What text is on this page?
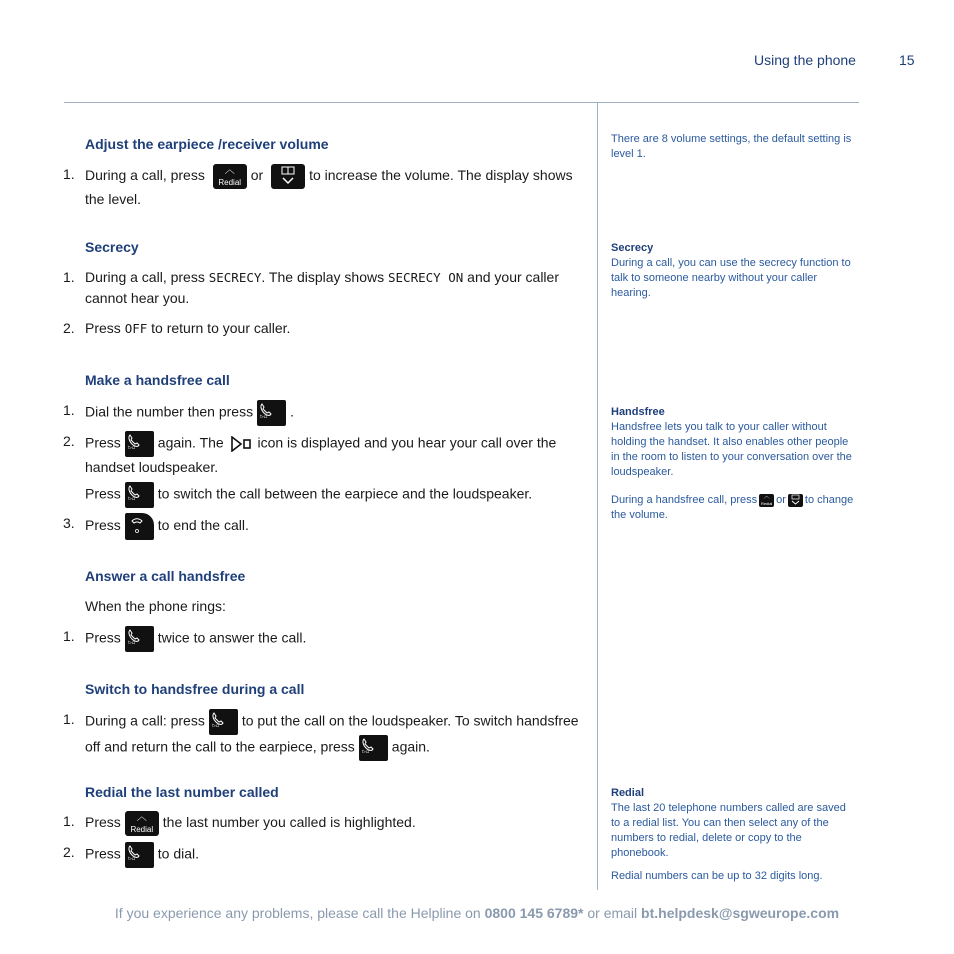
Using the phone	15
Adjust the earpiece /receiver volume
1. During a call, press	︿
Redial or	to increase the volume. The display shows the level.
Secrecy
1. During a call, press SECRECY. The display shows SECRECY ON and your caller cannot hear you.
2. Press OFF to return to your caller.
Make a handsfree call
1. Dial the number then press ▷▫ .
2. Press ▷▫ again. The icon is displayed and you hear your call over the handset loudspeaker.
Press ▷▫ to switch the call between the earpiece and the loudspeaker.
3. Press	to end the call.
Answer a call handsfree
When the phone rings:
1. Press ▷▫ twice to answer the call.
Switch to handsfree during a call
1. During a call: press ▷▫ to put the call on the loudspeaker. To switch handsfree off and return the call to the earpiece, press ▷▫ again.
Redial the last number called
1. Press	︿
Redial the last number you called is highlighted.
2. Press ▷▫ to dial.
There are 8 volume settings, the default setting is level 1.
Secrecy
During a call, you can use the secrecy function to talk to someone nearby without your caller hearing.
Handsfree
Handsfree lets you talk to your caller without holding the handset. It also enables other people in the room to listen to your conversation over the loudspeaker.
During a handsfree call, press	︿
Redial or to change the volume.
Redial
The last 20 telephone numbers called are saved to a redial list. You can then select any of the numbers to redial, delete or copy to the phonebook.
Redial numbers can be up to 32 digits long.
If you experience any problems, please call the Helpline on 0800 145 6789* or email bt.helpdesk@sgweurope.com
